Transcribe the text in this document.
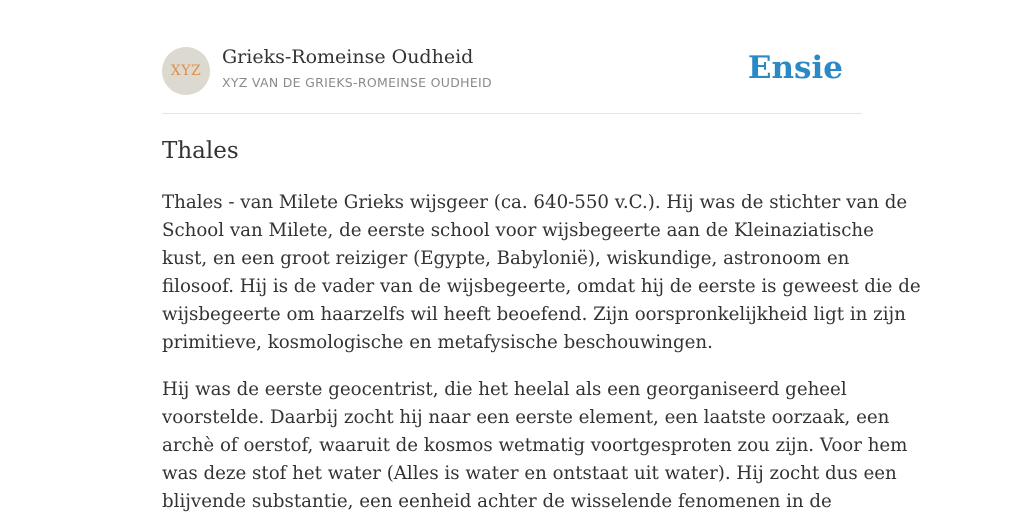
XYZ
Grieks-Romeinse Oudheid
XYZ VAN DE GRIEKS-ROMEINSE OUDHEID	Ensie
Thales

Thales - van Milete Grieks wijsgeer (ca. 640-550 v.C.). Hij was de stichter van de
School van Milete, de eerste school voor wijsbegeerte aan de Kleinaziatische
kust, en een groot reiziger (Egypte, Babylonië), wiskundige, astronoom en
filosoof. Hij is de vader van de wijsbegeerte, omdat hij de eerste is geweest die de
wijsbegeerte om haarzelfs wil heeft beoefend. Zijn oorspronkelijkheid ligt in zijn
primitieve, kosmologische en metafysische beschouwingen.

Hij was de eerste geocentrist, die het heelal als een georganiseerd geheel
voorstelde. Daarbij zocht hij naar een eerste element, een laatste oorzaak, een
archè of oerstof, waaruit de kosmos wetmatig voortgesproten zou zijn. Voor hem
was deze stof het water (Alles is water en ontstaat uit water). Hij zocht dus een
blijvende substantie, een eenheid achter de wisselende fenomenen in de
